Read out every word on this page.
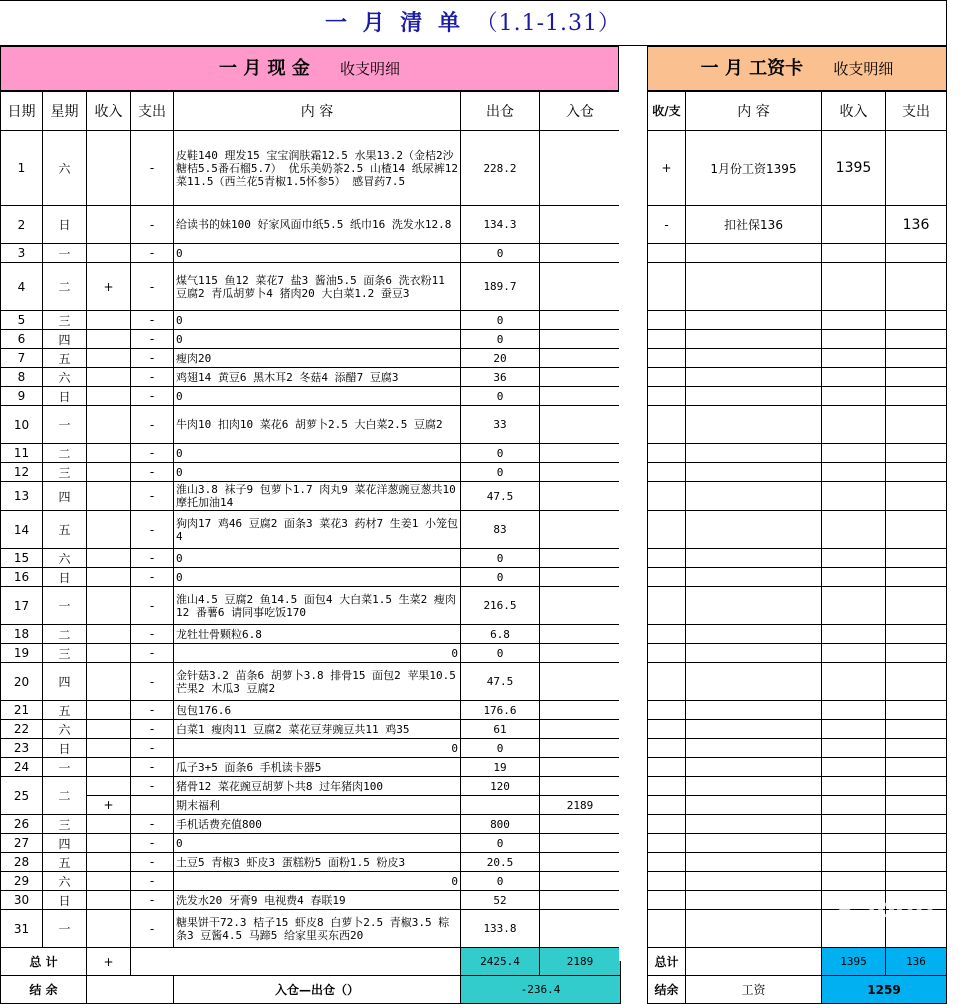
一 月 清 单 （1.1-1.31）
一 月 现 金 收支明细	一 月 工资卡 收支明细
日期	星期	收入	支出	内 容	出仓	入仓
1	六		-	皮鞋140 理发15 宝宝润肤霜12.5 水果13.2（金桔2沙糖桔5.5番石榴5.7） 优乐美奶茶2.5 山楂14 纸尿裤12 菜11.5（西兰花5青椒1.5怀参5） 感冒药7.5	228.2	
2	日		-	给读书的妹100 好家风面巾纸5.5 纸巾16 洗发水12.8	134.3	
3	一		-	0	0	
4	二	+	-	煤气115 鱼12 菜花7 盐3 酱油5.5 面条6 洗衣粉11 豆腐2 青瓜胡萝卜4 猪肉20 大白菜1.2 蚕豆3	189.7	
5	三		-	0	0	
6	四		-	0	0	
7	五		-	瘦肉20	20	
8	六		-	鸡翅14 黄豆6 黑木耳2 冬菇4 添醋7 豆腐3	36	
9	日		-	0	0	
10	一		-	牛肉10 扣肉10 菜花6 胡萝卜2.5 大白菜2.5 豆腐2	33	
11	二		-	0	0	
12	三		-	0	0	
13	四		-	淮山3.8 袜子9 包萝卜1.7 肉丸9 菜花洋葱豌豆葱共10 摩托加油14	47.5	
14	五		-	狗肉17 鸡46 豆腐2 面条3 菜花3 药材7 生姜1 小笼包4	83	
15	六		-	0	0	
16	日		-	0	0	
17	一		-	淮山4.5 豆腐2 鱼14.5 面包4 大白菜1.5 生菜2 瘦肉12 番薯6 请同事吃饭170	216.5	
18	二		-	龙牡壮骨颗粒6.8	6.8	
19	三		-	0	0	
20	四		-	金针菇3.2 苗条6 胡萝卜3.8 排骨15 面包2 苹果10.5 芒果2 木瓜3 豆腐2	47.5	
21	五		-	包包176.6	176.6	
22	六		-	白菜1 瘦肉11 豆腐2 菜花豆芽豌豆共11 鸡35	61	
23	日		-	0	0	
24	一		-	瓜子3+5 面条6 手机读卡器5	19	
25	二		-	猪骨12 菜花豌豆胡萝卜共8 过年猪肉100	120	
		+		期末福利		2189
26	三		-	手机话费充值800	800	
27	四		-	0	0	
28	五		-	土豆5 青椒3 虾皮3 蛋糕粉5 面粉1.5 粉皮3	20.5	
29	六		-	0	0	
30	日		-	洗发水20 牙膏9 电视费4 春联19	52	
31	一		-	糖果饼干72.3 桔子15 虾皮8 白萝卜2.5 青椒3.5 粽条3 豆酱4.5 马蹄5 给家里买东西20	133.8	
总 计		+			2425.4	2189
结 余				入仓—出仓（）	-236.4	
收/支	内 容	收入	支出
+	1月份工资1395	1395	
-	扣社保136		136

总计		1395	136
结余	工资	1259	
☁ logo
